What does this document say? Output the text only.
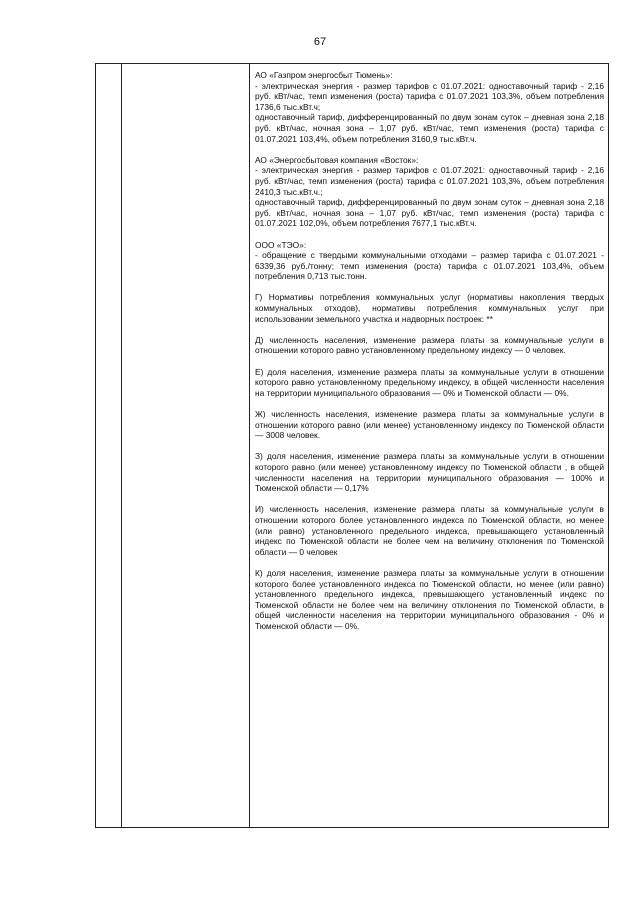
67

АО «Газпром энергосбыт Тюмень»:

- электрическая энергия - размер тарифов с 01.07.2021: одноставочный тариф - 2,16 руб. кВт/час, темп изменения (роста) тарифа с 01.07.2021 103,3%, объем потребления 1736,6 тыс.кВт.ч;

одноставочный тариф, дифференцированный по двум зонам суток – дневная зона 2,18 руб. кВт/час, ночная зона – 1,07 руб. кВт/час, темп изменения (роста) тарифа с 01.07.2021 103,4%, объем потребления 3160,9 тыс.кВт.ч.

АО «Энергосбытовая компания «Восток»:

- электрическая энергия - размер тарифов с 01.07.2021: одноставочный тариф - 2,16 руб. кВт/час, темп изменения (роста) тарифа с 01.07.2021 103,3%, объем потребления 2410,3 тыс.кВт.ч.;

одноставочный тариф, дифференцированный по двум зонам суток – дневная зона 2,18 руб. кВт/час, ночная зона – 1,07 руб. кВт/час, темп изменения (роста) тарифа с 01.07.2021 102,0%, объем потребления 7677,1 тыс.кВт.ч.

ООО «ТЭО»:

- обращение с твердыми коммунальными отходами – размер тарифа с 01.07.2021 - 6339,36 руб./тонну; темп изменения (роста) тарифа с 01.07.2021 103,4%, объем потребления 0,713 тыс.тонн.

Г) Нормативы потребления коммунальных услуг (нормативы накопления твердых коммунальных отходов), нормативы потребления коммунальных услуг при использовании земельного участка и надворных построек: **
Д) численность населения, изменение размера платы за коммунальные услуги в отношении которого равно установленному предельному индексу — 0 человек.
Е) доля населения, изменение размера платы за коммунальные услуги в отношении которого равно установленному предельному индексу, в общей численности населения на территории муниципального образования — 0% и Тюменской области — 0%.
Ж) численность населения, изменение размера платы за коммунальные услуги в отношении которого равно (или менее) установленному индексу по Тюменской области — 3008 человек.
З) доля населения, изменение размера платы за коммунальные услуги в отношении которого равно (или менее) установленному индексу по Тюменской области , в общей численности населения на территории муниципального образования — 100% и Тюменской области — 0,17%
И) численность населения, изменение размера платы за коммунальные услуги в отношении которого более установленного индекса по Тюменской области, но менее (или равно) установленного предельного индекса, превышающего установленный индекс по Тюменской области не более чем на величину отклонения по Тюменской области — 0 человек
К) доля населения, изменение размера платы за коммунальные услуги в отношении которого более установленного индекса по Тюменской области, но менее (или равно) установленного предельного индекса, превышающего установленный индекс по Тюменской области не более чем на величину отклонения по Тюменской области, в общей численности населения на территории муниципального образования - 0% и Тюменской области — 0%.
